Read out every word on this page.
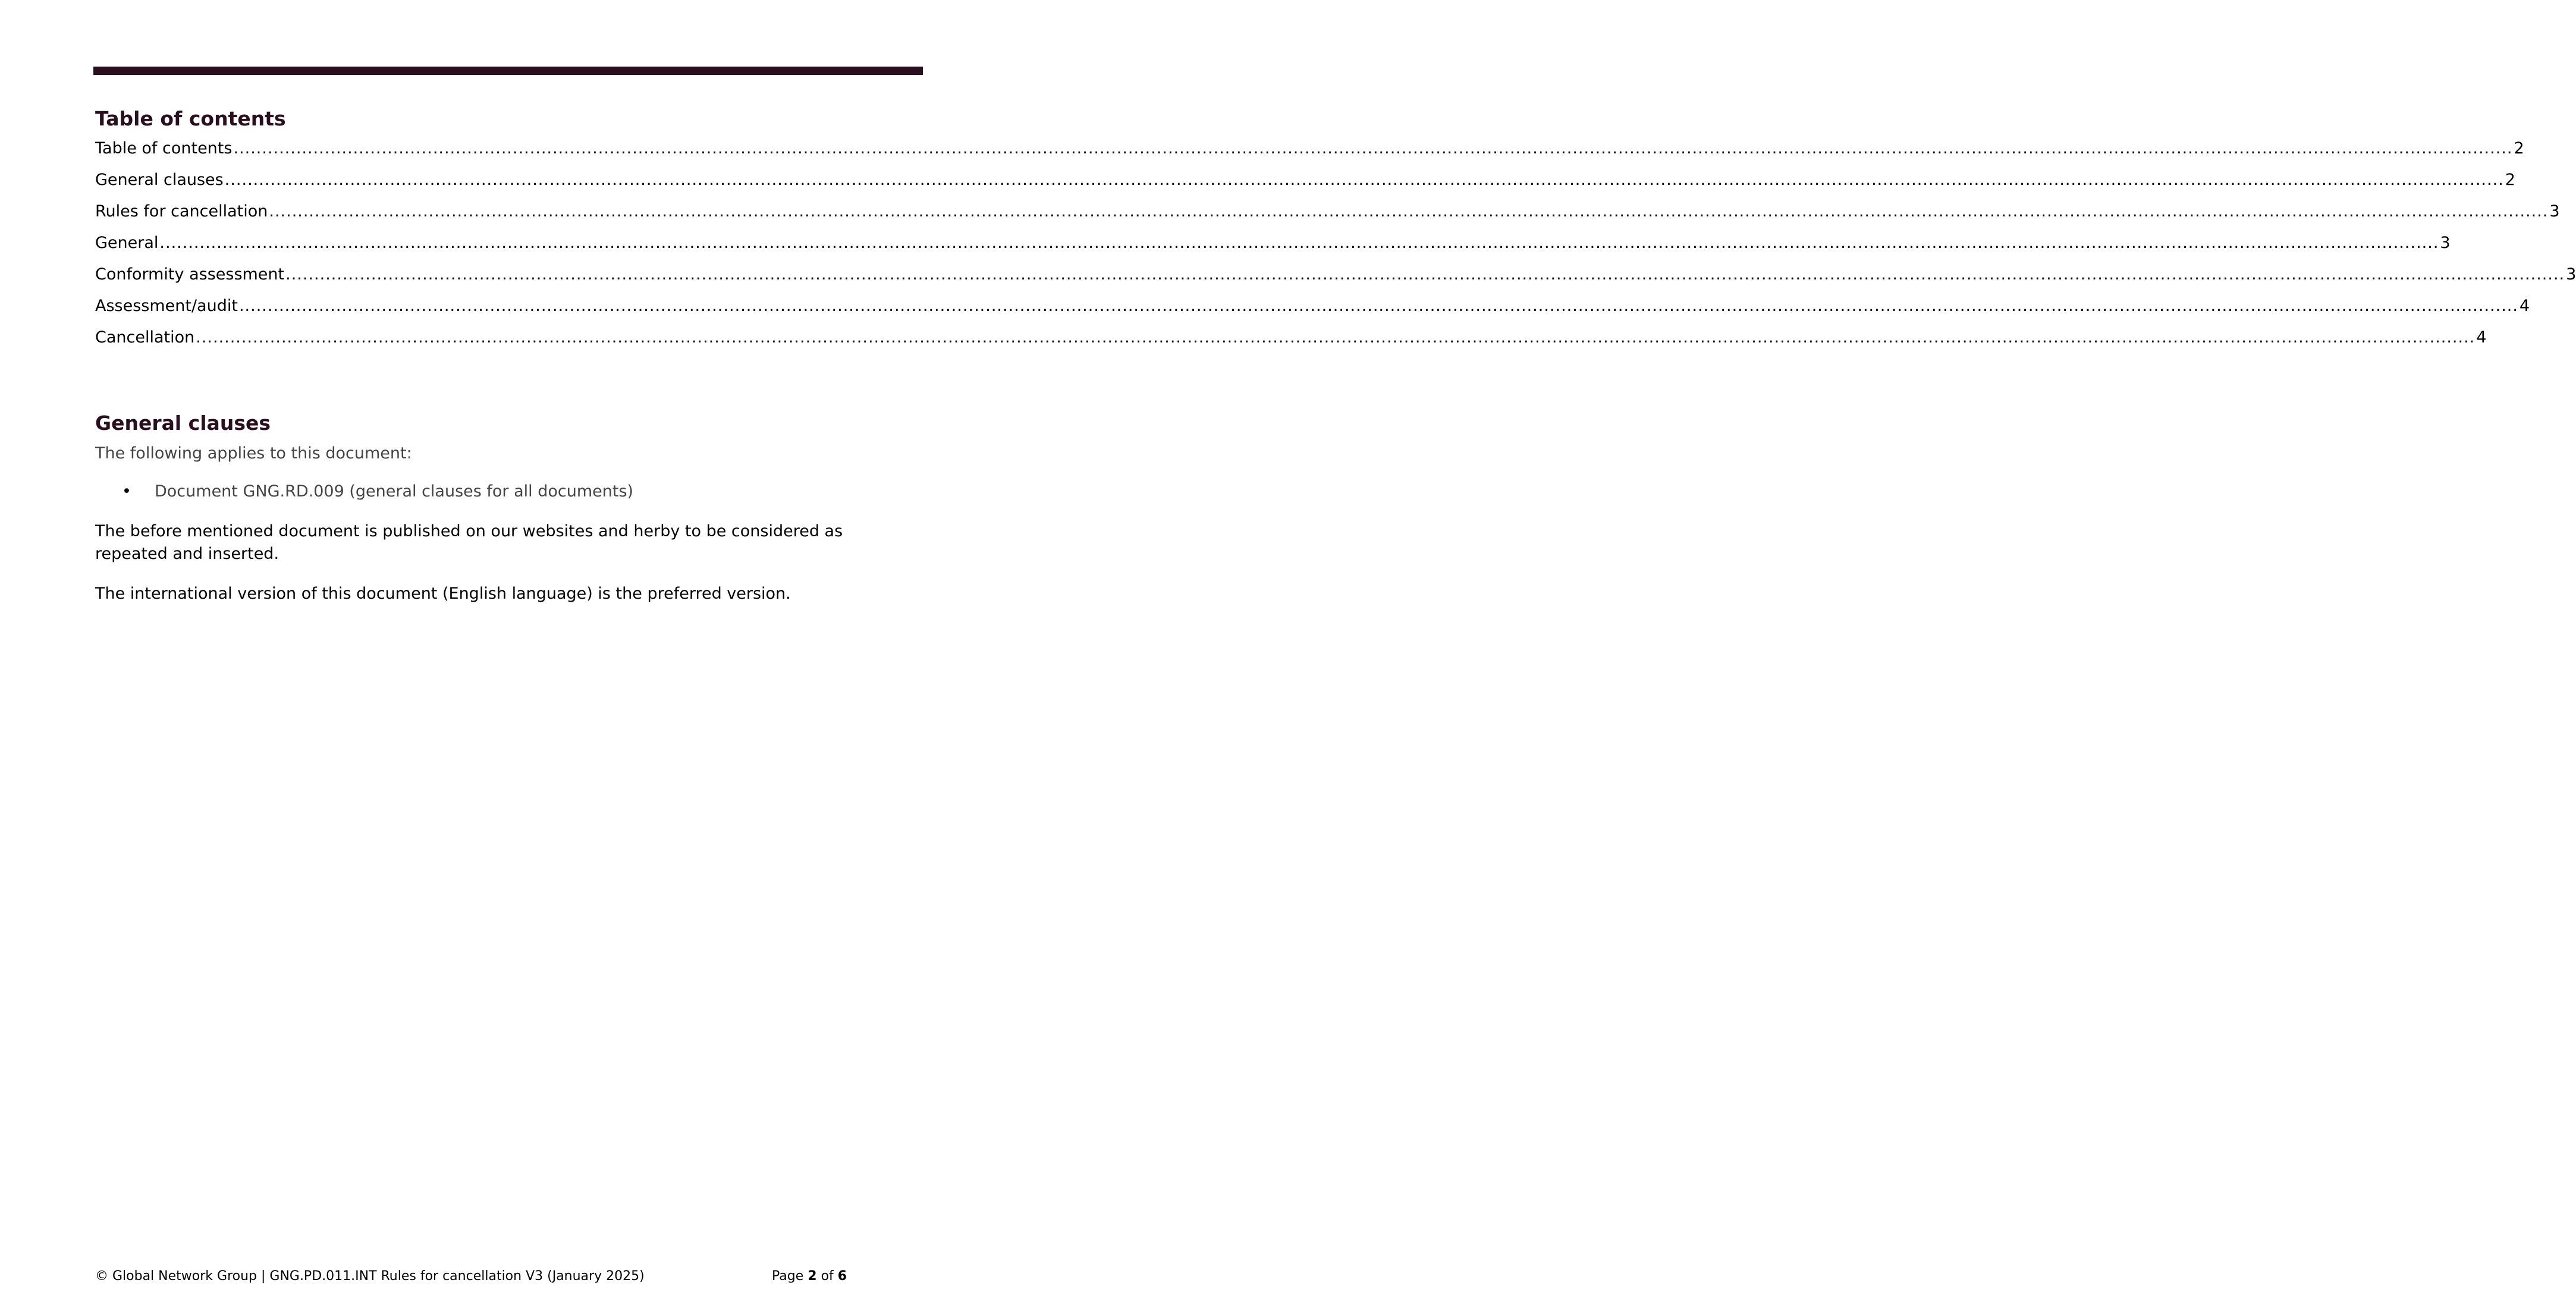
Table of contents
Table of contents ................................................................................................................................................................................................................................................................................................................................................................................................................ 2
General clauses ................................................................................................................................................................................................................................................................................................................................................................................................................ 2
Rules for cancellation ................................................................................................................................................................................................................................................................................................................................................................................................................ 3
General ................................................................................................................................................................................................................................................................................................................................................................................................................ 3
Conformity assessment ................................................................................................................................................................................................................................................................................................................................................................................................................ 3
Assessment/audit ................................................................................................................................................................................................................................................................................................................................................................................................................ 4
Cancellation ................................................................................................................................................................................................................................................................................................................................................................................................................ 4
General clauses

The following applies to this document:

•	Document GNG.RD.009 (general clauses for all documents)

The before mentioned document is published on our websites and herby to be considered as repeated and inserted.

The international version of this document (English language) is the preferred version.

© Global Network Group | GNG.PD.011.INT Rules for cancellation V3 (January 2025)	Page 2 of 6
